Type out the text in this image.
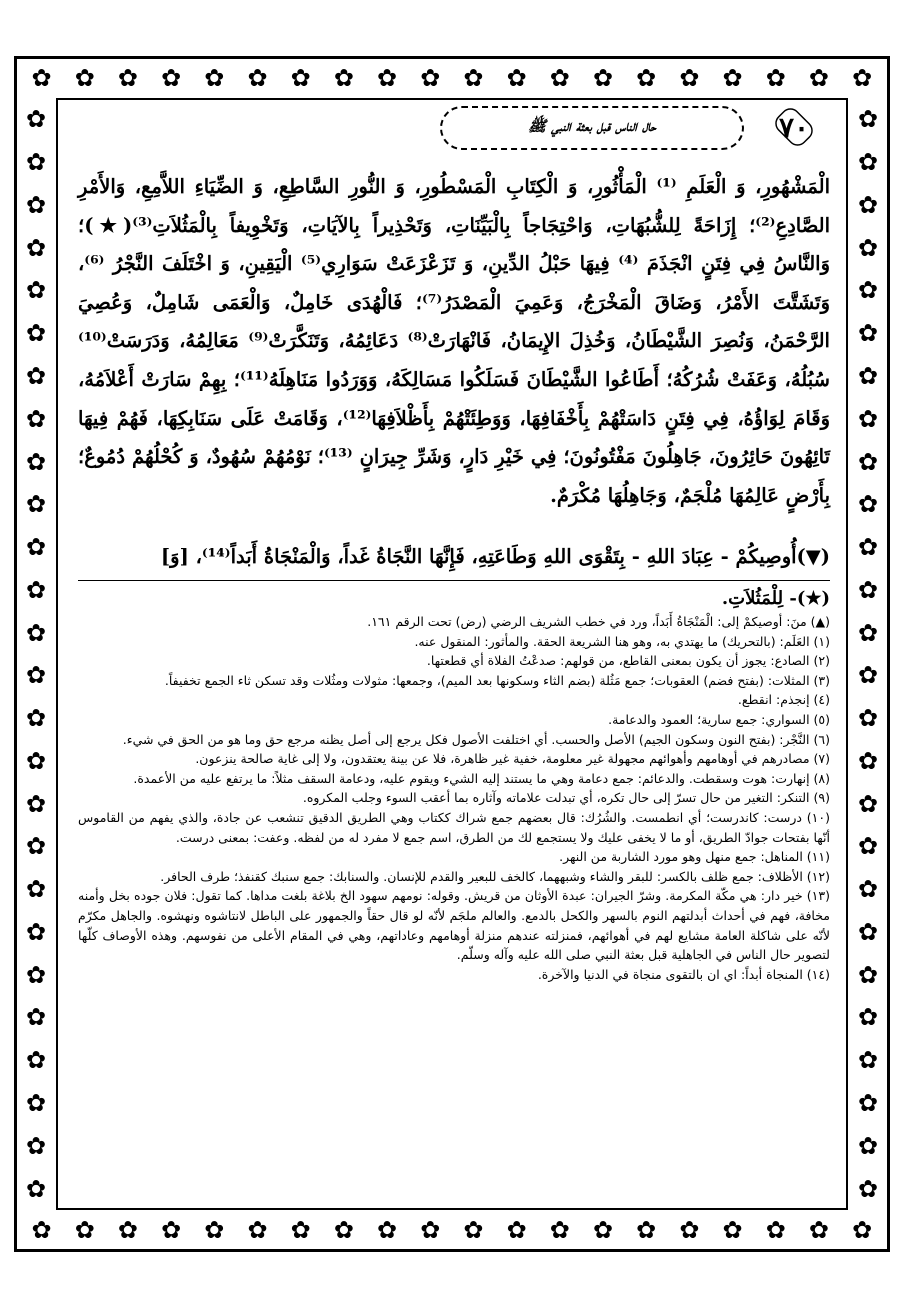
✿ ✿ ✿ ✿ ✿ ✿ ✿ ✿ ✿ ✿ ✿ ✿ ✿ ✿ ✿ ✿ ✿ ✿ ✿ ✿
✿ ✿ ✿ ✿ ✿ ✿ ✿ ✿ ✿ ✿ ✿ ✿ ✿ ✿ ✿ ✿ ✿ ✿ ✿ ✿
✿
✿
✿
✿
✿
✿
✿
✿
✿
✿
✿
✿
✿
✿
✿
✿
✿
✿
✿
✿
✿
✿
✿
✿
✿
✿
✿
✿
✿
✿
✿
✿
✿
✿
✿
✿
✿
✿
✿
✿
✿
✿
✿
✿
✿
✿
✿
✿
✿
✿
✿
✿
٧٠
حال الناس قبل بعثة النبي ﷺ

الْمَشْهُورِ، وَ الْعَلَمِ ⁽¹⁾ الْمَأْثُورِ، وَ الْكِتَابِ الْمَسْطُورِ، وَ النُّورِ السَّاطِعِ، وَ الضِّيَاءِ اللاَّمِعِ، وَالأَمْرِ الصَّادِعِ⁽²⁾؛ إِزَاحَةً لِلشُّبُهَاتِ، وَاحْتِجَاجاً بِالْبَيِّنَاتِ، وَتَحْذِيراً بِالآيَاتِ، وَتَخْوِيفاً بِالْمَثُلاَتِ⁽³⁾(★)؛ وَالنَّاسُ فِي فِتَنٍ انْجَذَمَ ⁽⁴⁾ فِيهَا حَبْلُ الدِّينِ، وَ تَزَعْزَعَتْ سَوَارِي⁽⁵⁾ الْيَقِينِ، وَ اخْتَلَفَ النَّجْرُ ⁽⁶⁾، وَتَشَتَّتَ الأَمْرُ، وَضَاقَ الْمَخْرَجُ، وَعَمِيَ الْمَصْدَرُ⁽⁷⁾؛ فَالْهُدَى خَامِلٌ، وَالْعَمَى شَامِلٌ، وَعُصِيَ الرَّحْمَنُ، وَنُصِرَ الشَّيْطَانُ، وَخُذِلَ الإِيمَانُ، فَانْهَارَتْ⁽⁸⁾ دَعَائِمُهُ، وَتَنَكَّرَتْ⁽⁹⁾ مَعَالِمُهُ، وَدَرَسَتْ⁽¹⁰⁾ سُبُلُهُ، وَعَفَتْ شُرُكُهُ؛ أَطَاعُوا الشَّيْطَانَ فَسَلَكُوا مَسَالِكَهُ، وَوَرَدُوا مَنَاهِلَهُ⁽¹¹⁾؛ بِهِمْ سَارَتْ أَعْلاَمُهُ، وَقَامَ لِوَاؤُهُ، فِي فِتَنٍ دَاسَتْهُمْ بِأَخْفَافِهَا، وَوَطِئَتْهُمْ بِأَظْلاَفِهَا⁽¹²⁾، وَقَامَتْ عَلَى سَنَابِكِهَا، فَهُمْ فِيهَا تَائِهُونَ حَائِرُونَ، جَاهِلُونَ مَفْتُونُونَ؛ فِي خَيْرِ دَارٍ، وَشَرِّ جِيرَانٍ ⁽¹³⁾؛ نَوْمُهُمْ سُهُودٌ، وَ كُحْلُهُمْ دُمُوعٌ؛ بِأَرْضٍ عَالِمُهَا مُلْجَمٌ، وَجَاهِلُهَا مُكْرَمٌ.

(▼)أُوصِيكُمْ - عِبَادَ اللهِ - بِتَقْوَى اللهِ وَطَاعَتِهِ، فَإِنَّهَا النَّجَاةُ غَداً، وَالْمَنْجَاةُ أَبَداً⁽¹⁴⁾، [وَ]
(★)- لِلْمَثُلاَتِ.

(▲) منَ: أوصيكمْ إلى: الْمَنْجَاةُ أَبَداً، ورد في خطب الشريف الرضي (رض) تحت الرقم ١٦١.

(١) العَلَم: (بالتحريك) ما يهتدي به، وهو هنا الشريعة الحقة. والمأثور: المنقول عنه.

(٢) الصادع: يجوز أن يكون بمعنى القاطع، من قولهم: صدعْتُ الفلاة أي قطعتها.

(٣) المثلات: (بفتح فضم) العقوبات؛ جمع مَثُلة (بضم الثاء وسكونها بعد الميم)، وجمعها: مثولات ومثُلات وقد تسكن ثاء الجمع تخفيفاً.

(٤) إنجذم: انقطع.

(٥) السواري: جمع سارية؛ العمود والدعامة.

(٦) النَّجْر: (بفتح النون وسكون الجيم) الأصل والحسب. أي اختلفت الأصول فكل يرجع إلى أصل يظنه مرجع حق وما هو من الحق في شيء.

(٧) مصادرهم في أوهامهم وأهوائهم مجهولة غير معلومة، خفية غير ظاهرة، فلا عن بينة يعتقدون، ولا إلى غاية صالحة ينزعون.

(٨) إنهارت: هوت وسقطت. والدعائم: جمع دعامة وهي ما يستند إليه الشيء ويقوم عليه، ودعامة السقف مثلاً: ما يرتفع عليه من الأعمدة.

(٩) التنكر: التغير من حال تسرّ إلى حال تكره، أي تبدلت علاماته وآثاره بما أعقب السوء وجلب المكروه.

(١٠) درست: كاندرست؛ أي انطمست. والشُرُك: قال بعضهم جمع شراك ككتاب وهي الطريق الدقيق تنشعب عن جادة، والذي يفهم من القاموس أنّها بفتحات جوادّ الطريق، أو ما لا يخفى عليك ولا يستجمع لك من الطرق، اسم جمع لا مفرد له من لفظه. وعفت: بمعنى درست.

(١١) المناهل: جمع منهل وهو مورد الشاربة من النهر.

(١٢) الأظلاف: جمع ظلف بالكسر: للبقر والشاء وشبههما، كالخف للبعير والقدم للإنسان. والسنابك: جمع سنبك كقنفذ؛ طرف الحافر.

(١٣) خير دار: هي مكّة المكرمة. وشرّ الجيران: عبدة الأوثان من قريش. وقوله: نومهم سهود الخ بلاغة بلغت مداها. كما تقول: فلان جوده بخل وأمنه مخافة، فهم في أحداث أبدلتهم النوم بالسهر والكحل بالدمع. والعالم ملجَم لأنّه لو قال حقاً والجمهور على الباطل لانتاشوه ونهشوه. والجاهل مكرّم لأنّه على شاكلة العامة مشايع لهم في أهوائهم، فمنزلته عندهم منزلة أوهامهم وعاداتهم، وهي في المقام الأعلى من نفوسهم. وهذه الأوصاف كلّها لتصوير حال الناس في الجاهلية قبل بعثة النبي صلى الله عليه وآله وسلّم.

(١٤) المنجاة أبداً: اي ان بالتقوى منجاة في الدنيا والآخرة.
